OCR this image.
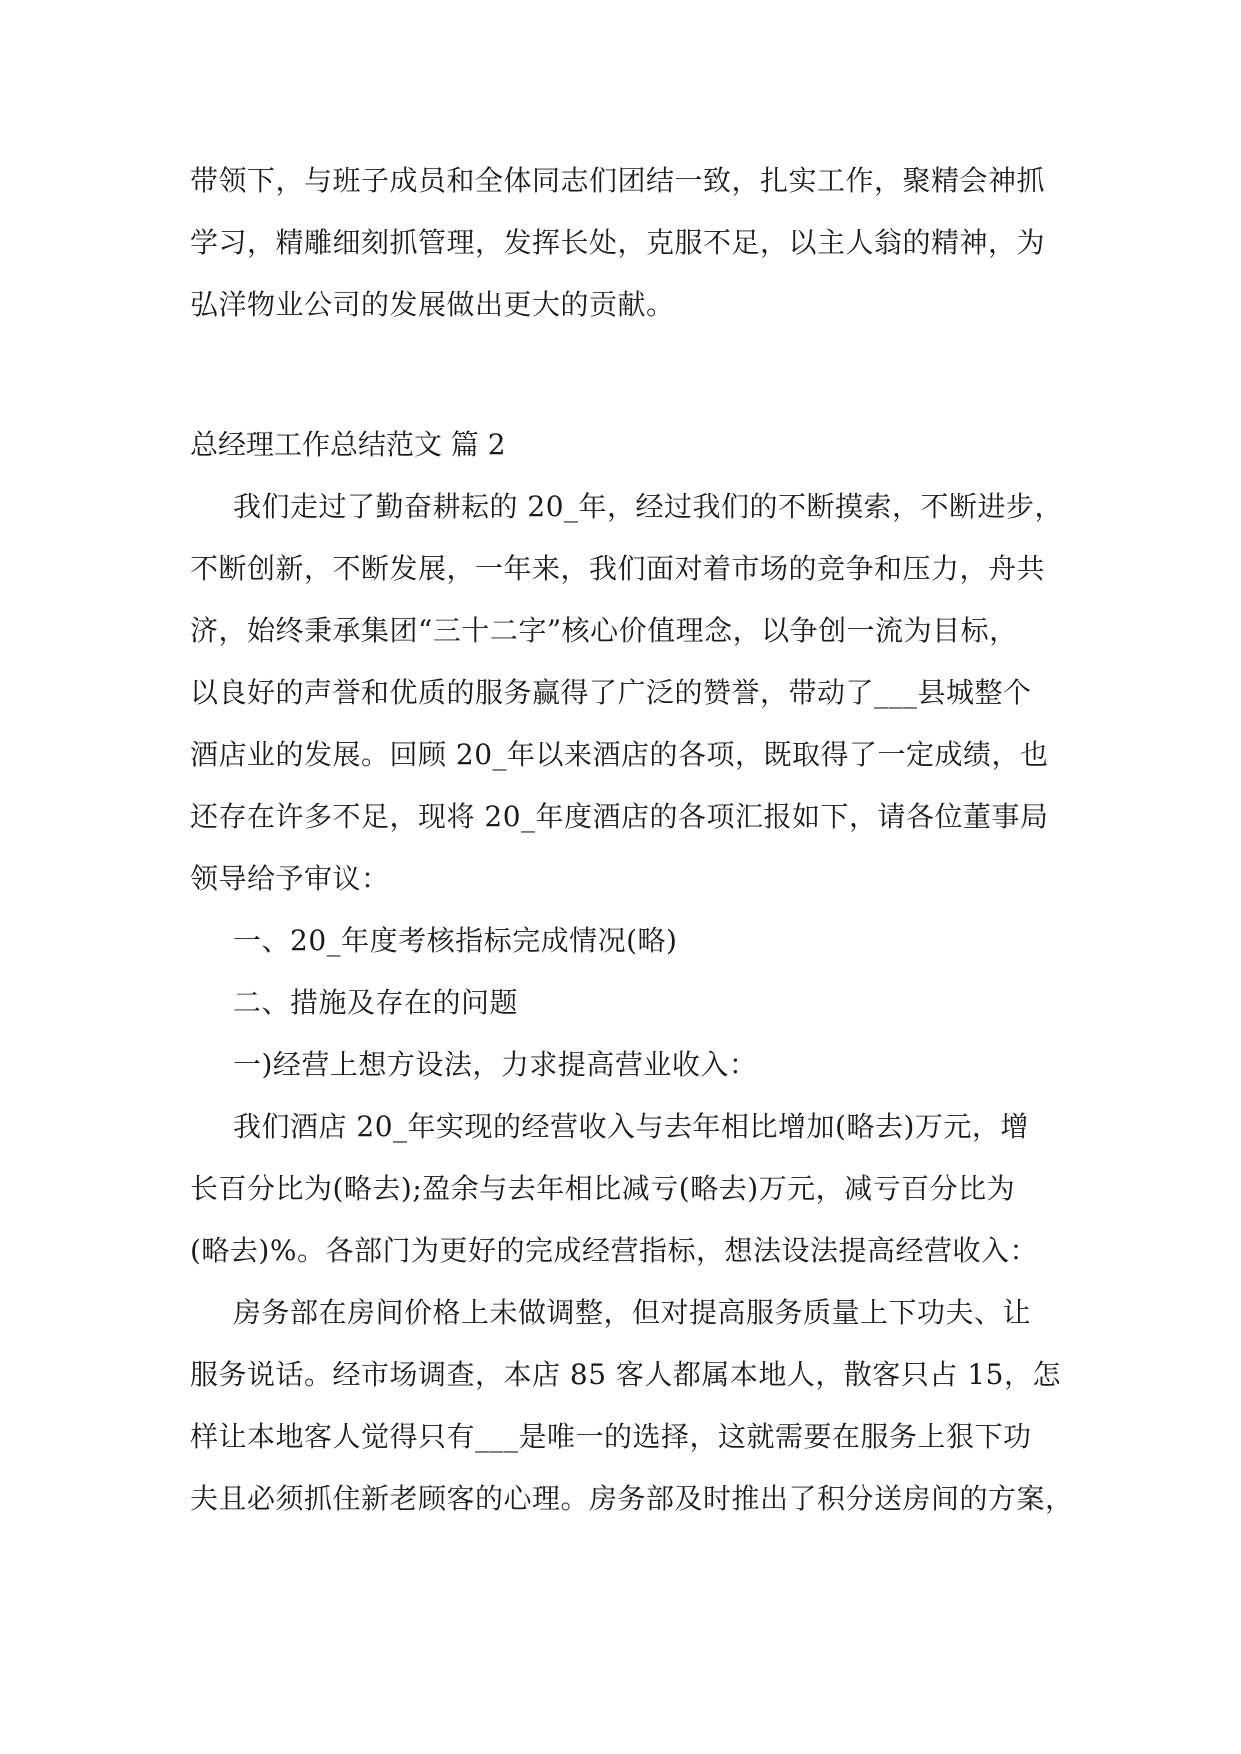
带领下，与班子成员和全体同志们团结一致，扎实工作，聚精会神抓
学习，精雕细刻抓管理，发挥长处，克服不足，以主人翁的精神，为
弘洋物业公司的发展做出更大的贡献。
总经理工作总结范文 篇 2
我们走过了勤奋耕耘的 20_年，经过我们的不断摸索，不断进步，
不断创新，不断发展，一年来，我们面对着市场的竞争和压力，舟共
济，始终秉承集团“三十二字”核心价值理念，以争创一流为目标，
以良好的声誉和优质的服务赢得了广泛的赞誉，带动了___县城整个
酒店业的发展。回顾 20_年以来酒店的各项，既取得了一定成绩，也
还存在许多不足，现将 20_年度酒店的各项汇报如下，请各位董事局
领导给予审议：
一、20_年度考核指标完成情况(略)
二、措施及存在的问题
一)经营上想方设法，力求提高营业收入：
我们酒店 20_年实现的经营收入与去年相比增加(略去)万元，增
长百分比为(略去);盈余与去年相比减亏(略去)万元，减亏百分比为
(略去)%。各部门为更好的完成经营指标，想法设法提高经营收入：
房务部在房间价格上未做调整，但对提高服务质量上下功夫、让
服务说话。经市场调查，本店 85 客人都属本地人，散客只占 15，怎
样让本地客人觉得只有___是唯一的选择，这就需要在服务上狠下功
夫且必须抓住新老顾客的心理。房务部及时推出了积分送房间的方案，
